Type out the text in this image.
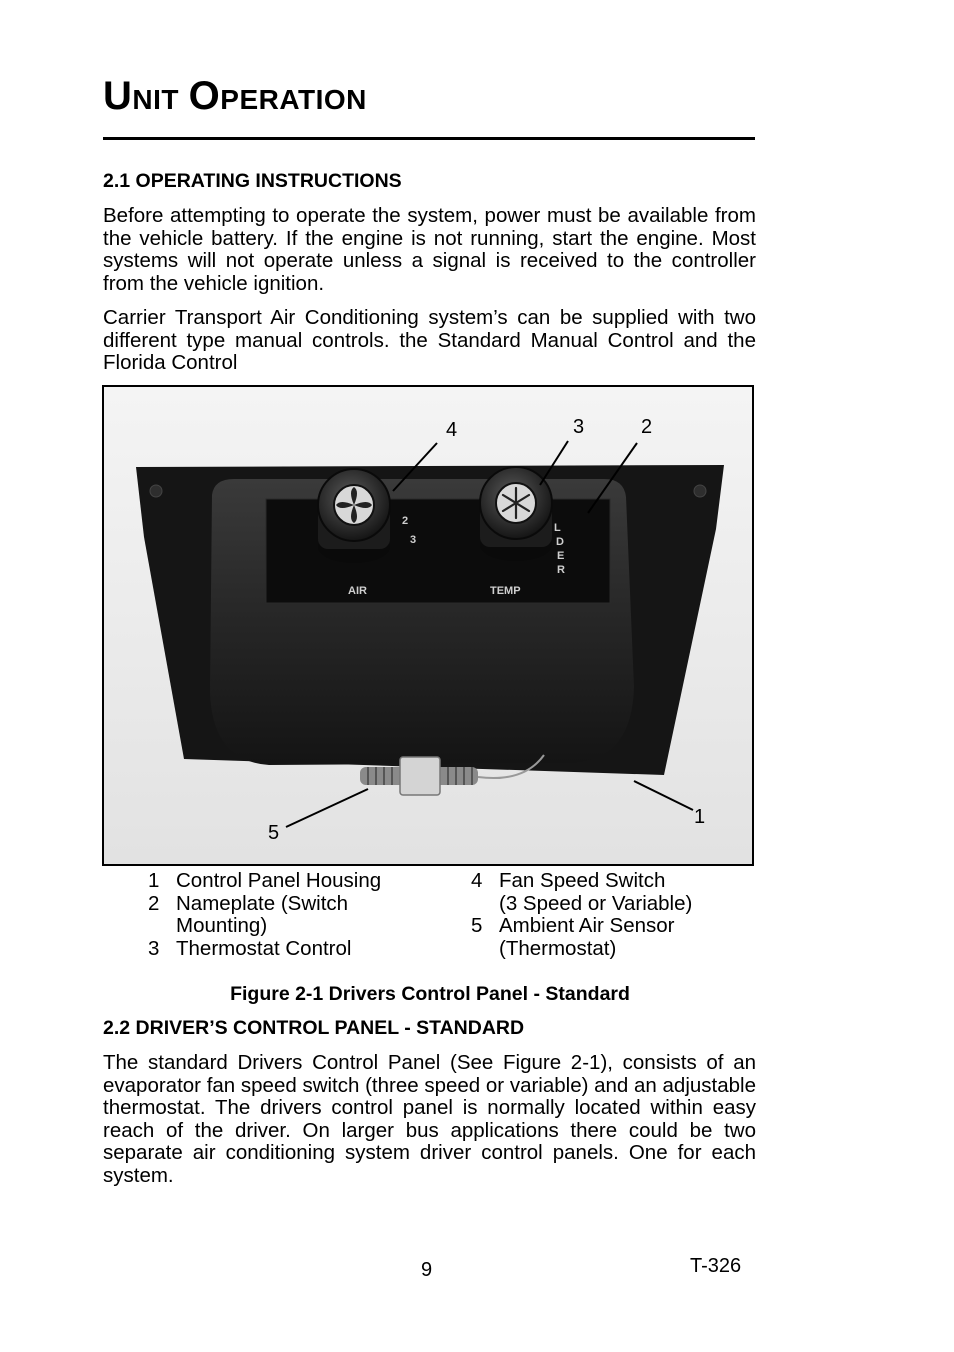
UNIT OPERATION
2.1 OPERATING INSTRUCTIONS
Before attempting to operate the system, power must be available from the vehicle battery. If the engine is not running, start the engine. Most systems will not operate unless a signal is received to the controller from the vehicle ignition.
Carrier Transport Air Conditioning system’s can be supplied with two different type manual controls. the Standard Manual Control and the Florida Control
2
3
AIR	TEMP
L
D
E
R
4	3	2
5
1
1 Control Panel Housing
2 Nameplate (Switch
Mounting)
3 Thermostat Control
4 Fan Speed Switch
(3 Speed or Variable)
5 Ambient Air Sensor
(Thermostat)
Figure 2-1 Drivers Control Panel - Standard
2.2 DRIVER’S CONTROL PANEL - STANDARD
The standard Drivers Control Panel (See Figure 2-1), consists of an evaporator fan speed switch (three speed or variable) and an adjustable thermostat. The drivers control panel is normally located within easy reach of the driver. On larger bus applications there could be two separate air conditioning system driver control panels. One for each system.
9	T-326
